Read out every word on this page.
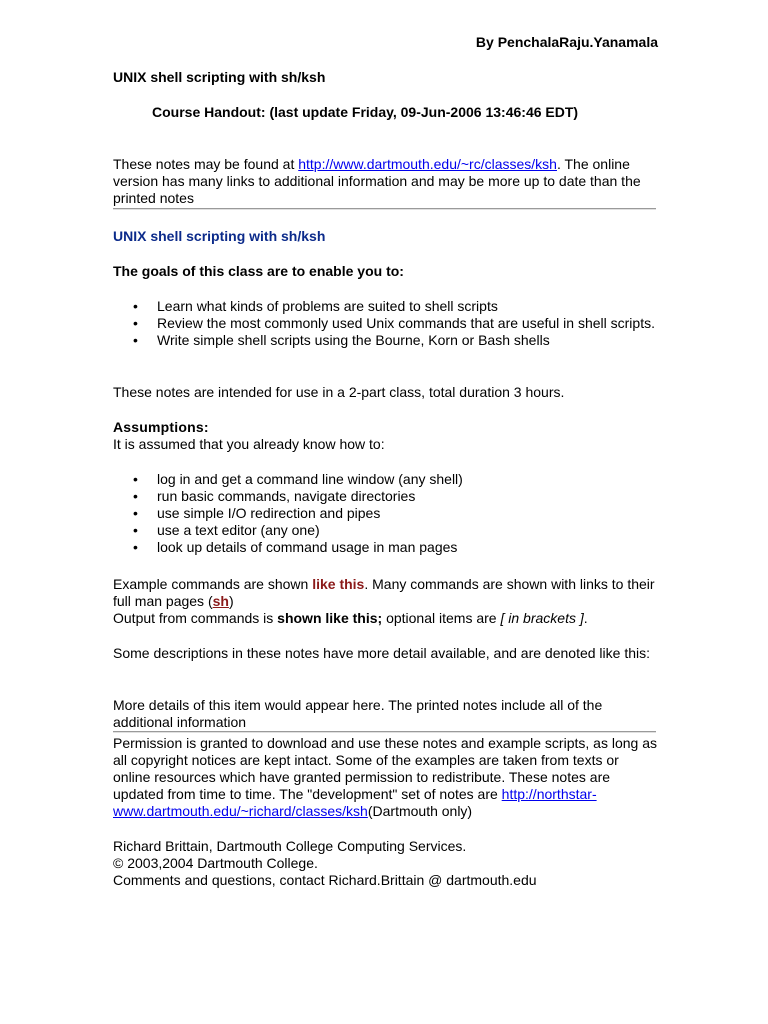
By PenchalaRaju.Yanamala
UNIX shell scripting with sh/ksh
Course Handout: (last update Friday, 09-Jun-2006 13:46:46 EDT)
These notes may be found at http://www.dartmouth.edu/~rc/classes/ksh. The online version has many links to additional information and may be more up to date than the printed notes
UNIX shell scripting with sh/ksh
The goals of this class are to enable you to:
• Learn what kinds of problems are suited to shell scripts
• Review the most commonly used Unix commands that are useful in shell scripts.
• Write simple shell scripts using the Bourne, Korn or Bash shells
These notes are intended for use in a 2-part class, total duration 3 hours.
Assumptions:
It is assumed that you already know how to:
• log in and get a command line window (any shell)
• run basic commands, navigate directories
• use simple I/O redirection and pipes
• use a text editor (any one)
• look up details of command usage in man pages
Example commands are shown like this. Many commands are shown with links to their full man pages (sh)
Output from commands is shown like this; optional items are [ in brackets ].
Some descriptions in these notes have more detail available, and are denoted like this:
More details of this item would appear here. The printed notes include all of the additional information
Permission is granted to download and use these notes and example scripts, as long as all copyright notices are kept intact. Some of the examples are taken from texts or online resources which have granted permission to redistribute. These notes are updated from time to time. The "development" set of notes are http://northstar-www.dartmouth.edu/~richard/classes/ksh(Dartmouth only)
Richard Brittain, Dartmouth College Computing Services.
© 2003,2004 Dartmouth College.
Comments and questions, contact Richard.Brittain @ dartmouth.edu
